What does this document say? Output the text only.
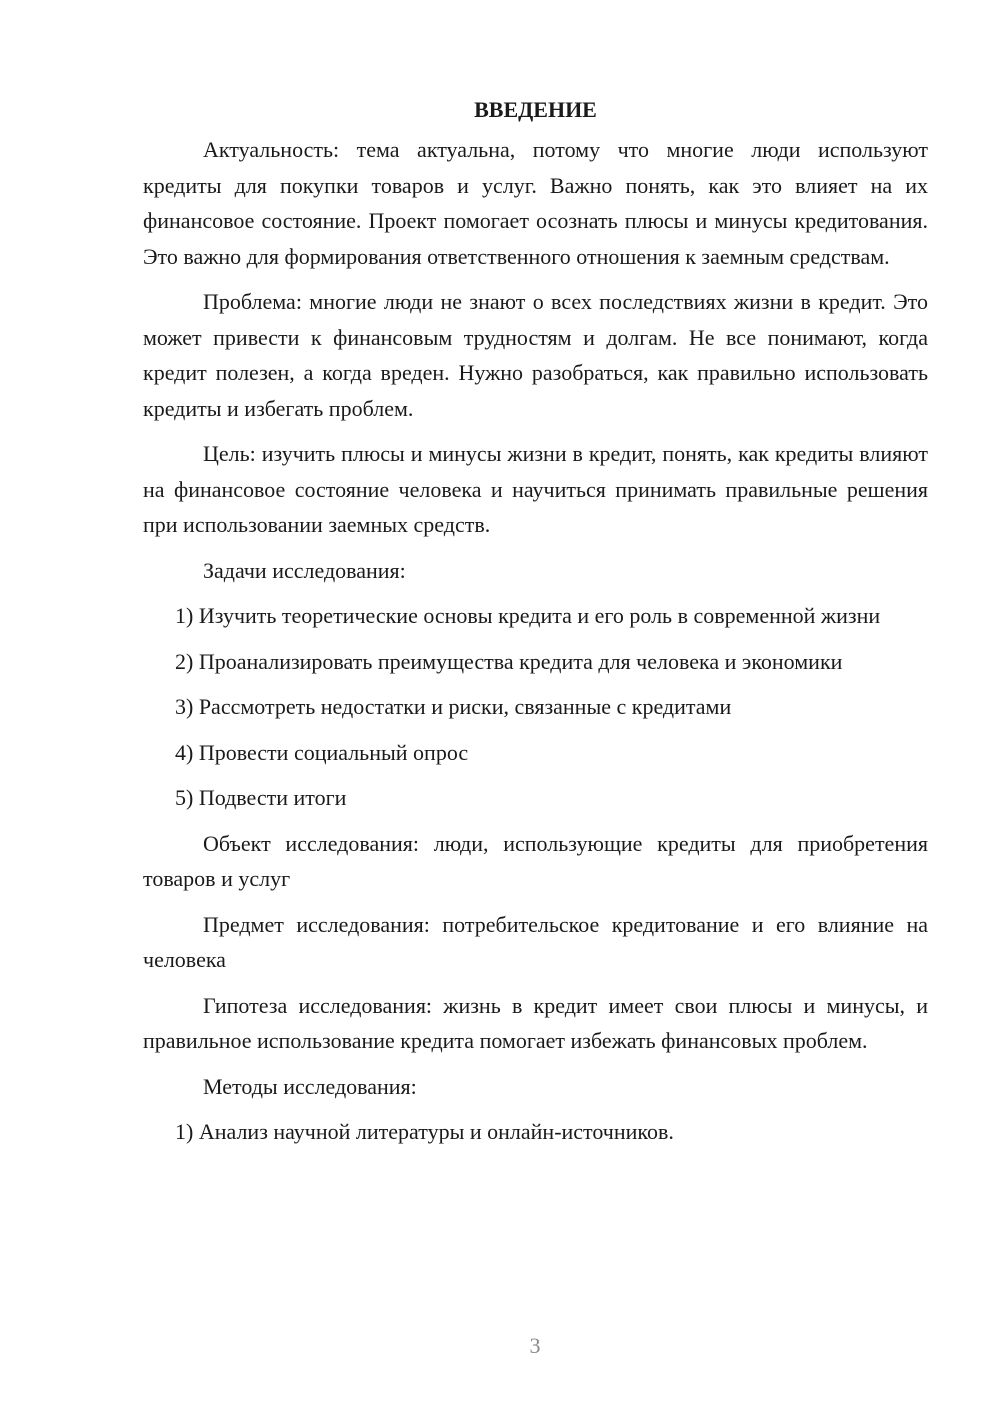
ВВЕДЕНИЕ

Актуальность: тема актуальна, потому что многие люди используют кредиты для покупки товаров и услуг. Важно понять, как это влияет на их финансовое состояние. Проект помогает осознать плюсы и минусы кредитования. Это важно для формирования ответственного отношения к заемным средствам.

Проблема: многие люди не знают о всех последствиях жизни в кредит. Это может привести к финансовым трудностям и долгам. Не все понимают, когда кредит полезен, а когда вреден. Нужно разобраться, как правильно использовать кредиты и избегать проблем.

Цель: изучить плюсы и минусы жизни в кредит, понять, как кредиты влияют на финансовое состояние человека и научиться принимать правильные решения при использовании заемных средств.

Задачи исследования:

1) Изучить теоретические основы кредита и его роль в современной жизни

2) Проанализировать преимущества кредита для человека и экономики

3) Рассмотреть недостатки и риски, связанные с кредитами

4) Провести социальный опрос

5) Подвести итоги

Объект исследования: люди, использующие кредиты для приобретения товаров и услуг

Предмет исследования: потребительское кредитование и его влияние на человека

Гипотеза исследования: жизнь в кредит имеет свои плюсы и минусы, и правильное использование кредита помогает избежать финансовых проблем.

Методы исследования:

1) Анализ научной литературы и онлайн-источников.

3
